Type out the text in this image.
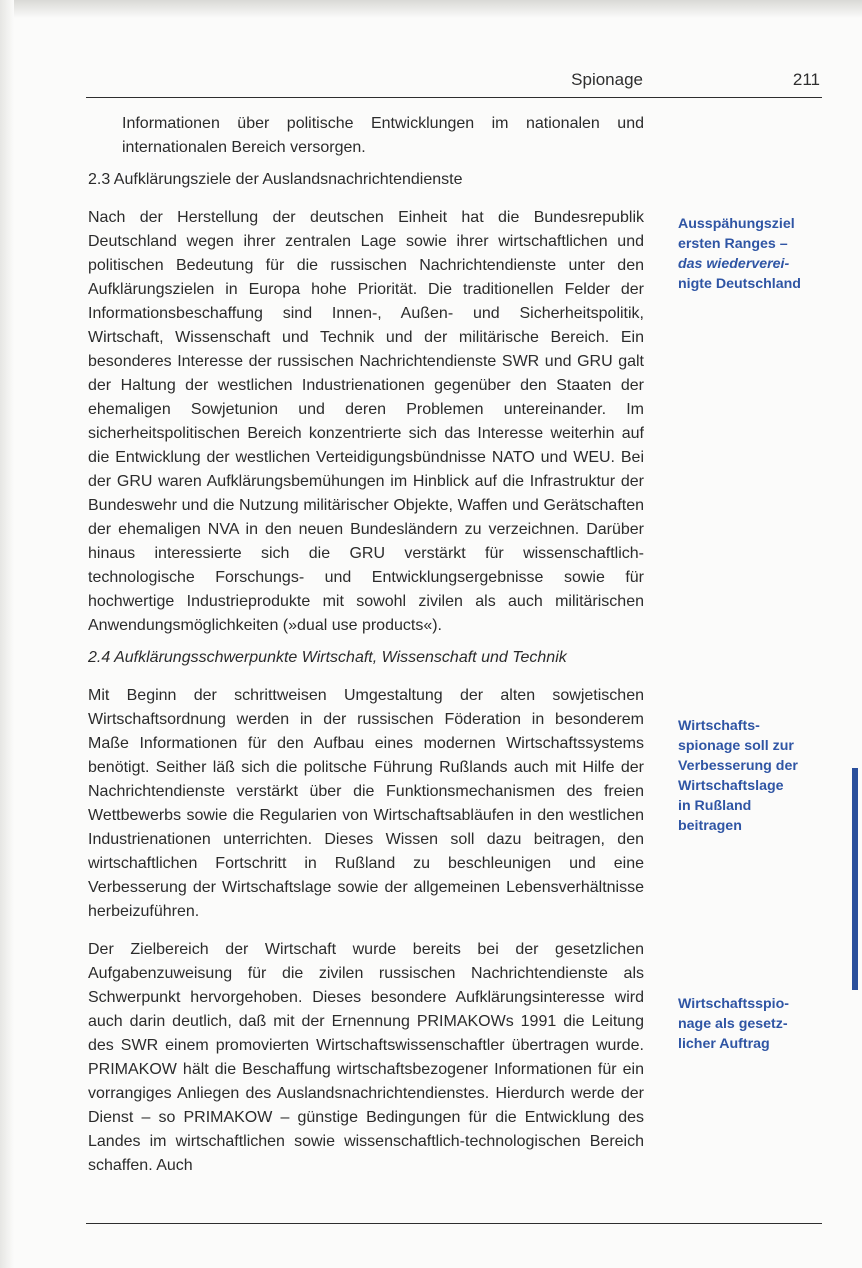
Spionage	211

Informationen über politische Entwicklungen im nationalen und internationalen Bereich versorgen.

2.3 Aufklärungsziele der Auslandsnachrichtendienste

Nach der Herstellung der deutschen Einheit hat die Bundesrepublik Deutschland wegen ihrer zentralen Lage sowie ihrer wirtschaftlichen und politischen Bedeutung für die russischen Nachrichtendienste unter den Aufklärungszielen in Europa hohe Priorität. Die traditionellen Felder der Informationsbeschaffung sind Innen-, Außen- und Sicherheitspolitik, Wirtschaft, Wissenschaft und Technik und der militärische Bereich. Ein besonderes Interesse der russischen Nachrichtendienste SWR und GRU galt der Haltung der westlichen Industrienationen gegenüber den Staaten der ehemaligen Sowjetunion und deren Problemen untereinander. Im sicherheitspolitischen Bereich konzentrierte sich das Interesse weiterhin auf die Entwicklung der westlichen Verteidigungsbündnisse NATO und WEU. Bei der GRU waren Aufklärungsbemühungen im Hinblick auf die Infrastruktur der Bundeswehr und die Nutzung militärischer Objekte, Waffen und Gerätschaften der ehemaligen NVA in den neuen Bundesländern zu verzeichnen. Darüber hinaus interessierte sich die GRU verstärkt für wissenschaftlich-technologische Forschungs- und Entwicklungsergebnisse sowie für hochwertige Industrieprodukte mit sowohl zivilen als auch militärischen Anwendungsmöglichkeiten (»dual use products«).

2.4 Aufklärungsschwerpunkte Wirtschaft, Wissenschaft und Technik

Mit Beginn der schrittweisen Umgestaltung der alten sowjetischen Wirtschaftsordnung werden in der russischen Föderation in besonderem Maße Informationen für den Aufbau eines modernen Wirtschaftssystems benötigt. Seither läß sich die politsche Führung Rußlands auch mit Hilfe der Nachrichtendienste verstärkt über die Funktionsmechanismen des freien Wettbewerbs sowie die Regularien von Wirtschaftsabläufen in den westlichen Industrienationen unterrichten. Dieses Wissen soll dazu beitragen, den wirtschaftlichen Fortschritt in Rußland zu beschleunigen und eine Verbesserung der Wirtschaftslage sowie der allgemeinen Lebensverhältnisse herbeizuführen.

Der Zielbereich der Wirtschaft wurde bereits bei der gesetzlichen Aufgabenzuweisung für die zivilen russischen Nachrichtendienste als Schwerpunkt hervorgehoben. Dieses besondere Aufklärungsinteresse wird auch darin deutlich, daß mit der Ernennung PRIMAKOWs 1991 die Leitung des SWR einem promovierten Wirtschaftswissenschaftler übertragen wurde. PRIMAKOW hält die Beschaffung wirtschaftsbezogener Informationen für ein vorrangiges Anliegen des Auslandsnachrichtendienstes. Hierdurch werde der Dienst – so PRIMAKOW – günstige Bedingungen für die Entwicklung des Landes im wirtschaftlichen sowie wissenschaftlich-technologischen Bereich schaffen. Auch

Ausspähungsziel
ersten Ranges –
das wiederverei-
nigte Deutschland
Wirtschafts-
spionage soll zur
Verbesserung der
Wirtschaftslage
in Rußland
beitragen
Wirtschaftsspio-
nage als gesetz-
licher Auftrag
